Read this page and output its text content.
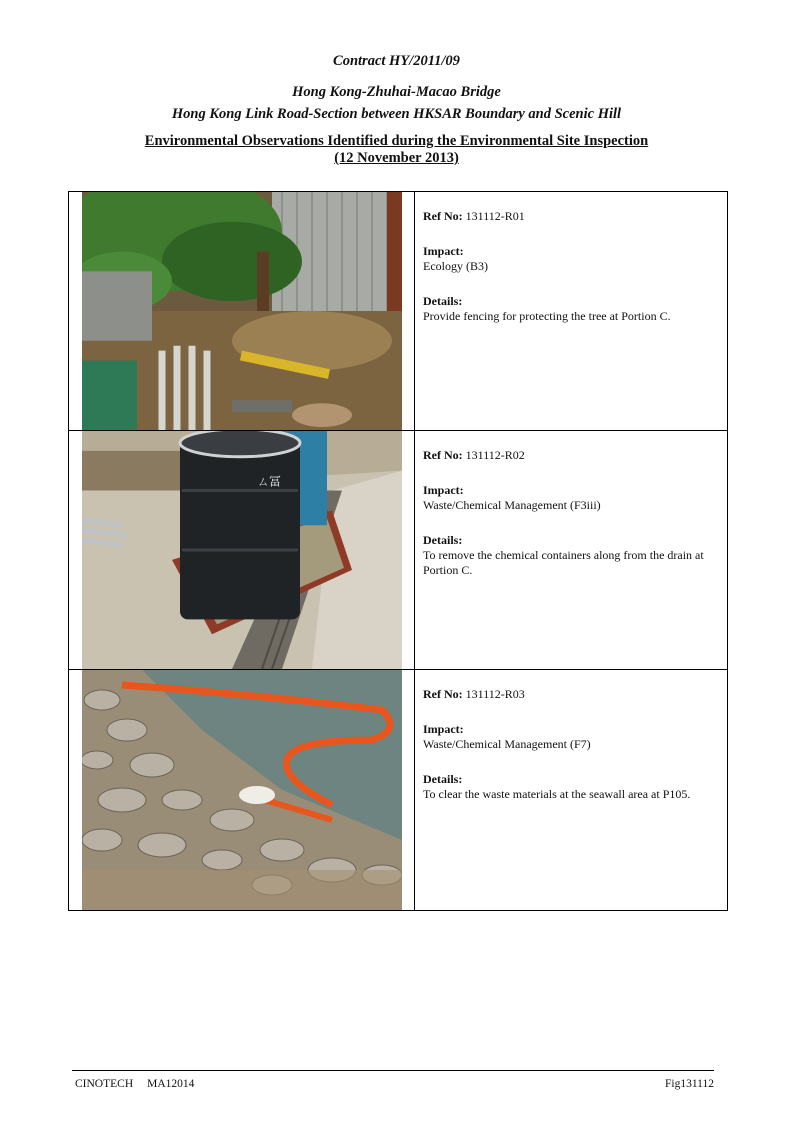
Contract HY/2011/09

Hong Kong-Zhuhai-Macao Bridge

Hong Kong Link Road-Section between HKSAR Boundary and Scenic Hill

Environmental Observations Identified during the Environmental Site Inspection

(12 November 2013)

Ref No: 131112-R01
Impact:
Ecology (B3)
Details:
Provide fencing for protecting the tree at Portion C.
ㄙ冨
Ref No: 131112-R02
Impact:
Waste/Chemical Management (F3iii)
Details:
To remove the chemical containers along from the drain at Portion C.
Ref No: 131112-R03
Impact:
Waste/Chemical Management (F7)
Details:
To clear the waste materials at the seawall area at P105.
CINOTECH MA12014	Fig131112
